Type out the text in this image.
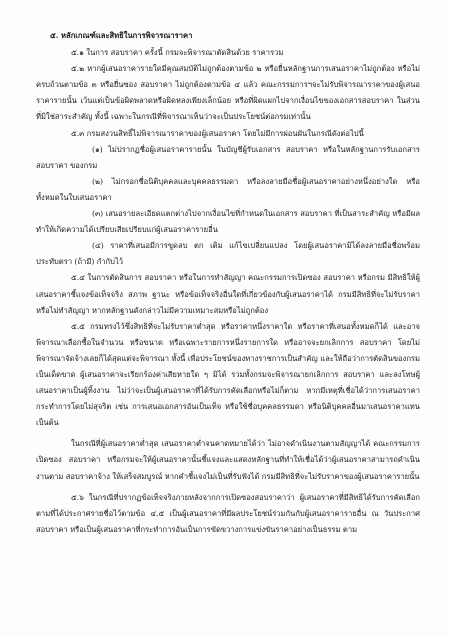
๕. หลักเกณฑ์และสิทธิในการพิจารณาราคา

๕.๑ ในการ สอบราคา ครั้งนี้ กรมจะพิจารณาตัดสินด้วย ราคารวม

๕.๒ หากผู้เสนอราคารายใดมีคุณสมบัติไม่ถูกต้องตามข้อ ๒ หรือยื่นหลักฐานการเสนอราคาไม่ถูกต้อง หรือไม่ครบถ้วนตามข้อ ๓ หรือยื่นซอง สอบราคา ไม่ถูกต้องตามข้อ ๔ แล้ว คณะกรรมการฯจะไม่รับพิจารณาราคาของผู้เสนอราคารายนั้น เว้นแต่เป็นข้อผิดพลาดหรือผิดหลงเพียงเล็กน้อย หรือที่ผิดแผกไปจากเงื่อนไขของเอกสารสอบราคา ในส่วนที่มิใช่สาระสำคัญ ทั้งนี้ เฉพาะในกรณีที่พิจารณาเห็นว่าจะเป็นประโยชน์ต่อกรมเท่านั้น

๕.๓ กรมสงวนสิทธิ์ไม่พิจารณาราคาของผู้เสนอราคา โดยไม่มีการผ่อนผันในกรณีดังต่อไปนี้

(๑) ไม่ปรากฏชื่อผู้เสนอราคารายนั้น ในบัญชีผู้รับเอกสาร สอบราคา หรือในหลักฐานการรับเอกสาร สอบราคา ของกรม

(๒) ไม่กรอกชื่อนิติบุคคลและบุคคลธรรมดา หรือลงลายมือชื่อผู้เสนอราคาอย่างหนึ่งอย่างใด หรือทั้งหมดในใบเสนอราคา

(๓) เสนอรายละเอียดแตกต่างไปจากเงื่อนไขที่กำหนดในเอกสาร สอบราคา ที่เป็นสาระสำคัญ หรือมีผลทำให้เกิดความได้เปรียบเสียเปรียบแก่ผู้เสนอราคารายอื่น

(๔) ราคาที่เสนอมีการขูดลบ ตก เติม แก้ไขเปลี่ยนแปลง โดยผู้เสนอราคามิได้ลงลายมือชื่อพร้อมประทับตรา (ถ้ามี) กำกับไว้

๕.๔ ในการตัดสินการ สอบราคา หรือในการทำสัญญา คณะกรรมการเปิดซอง สอบราคา หรือกรม มีสิทธิให้ผู้เสนอราคาชี้แจงข้อเท็จจริง สภาพ ฐานะ หรือข้อเท็จจริงอื่นใดที่เกี่ยวข้องกับผู้เสนอราคาได้ กรมมีสิทธิที่จะไม่รับราคา หรือไม่ทำสัญญา หากหลักฐานดังกล่าวไม่มีความเหมาะสมหรือไม่ถูกต้อง

๕.๕ กรมทรงไว้ซึ่งสิทธิที่จะไม่รับราคาต่ำสุด หรือราคาหนึ่งราคาใด หรือราคาที่เสนอทั้งหมดก็ได้ และอาจพิจารณาเลือกซื้อในจำนวน หรือขนาด หรือเฉพาะรายการหนึ่งรายการใด หรืออาจจะยกเลิกการ สอบราคา โดยไม่พิจารณาจัดจ้างเลยก็ได้สุดแต่จะพิจารณา ทั้งนี้ เพื่อประโยชน์ของทางราชการเป็นสำคัญ และให้ถือว่าการตัดสินของกรมเป็นเด็ดขาด ผู้เสนอราคาจะเรียกร้องค่าเสียหายใด ๆ มิได้ รวมทั้งกรมจะพิจารณายกเลิกการ สอบราคา และลงโทษผู้เสนอราคาเป็นผู้ทิ้งงาน ไม่ว่าจะเป็นผู้เสนอราคาที่ได้รับการคัดเลือกหรือไม่ก็ตาม หากมีเหตุที่เชื่อได้ว่าการเสนอราคากระทำการโดยไม่สุจริต เช่น การเสนอเอกสารอันเป็นเท็จ หรือใช้ชื่อบุคคลธรรมดา หรือนิติบุคคลอื่นมาเสนอราคาแทนเป็นต้น

ในกรณีที่ผู้เสนอราคาต่ำสุด เสนอราคาต่ำจนคาดหมายได้ว่า ไม่อาจดำเนินงานตามสัญญาได้ คณะกรรมการเปิดซอง สอบราคา หรือกรมจะให้ผู้เสนอราคานั้นชี้แจงและแสดงหลักฐานที่ทำให้เชื่อได้ว่าผู้เสนอราคาสามารถดำเนินงานตาม สอบราคาจ้าง ให้เสร็จสมบูรณ์ หากคำชี้แจงไม่เป็นที่รับฟังได้ กรมมีสิทธิที่จะไม่รับราคาของผู้เสนอราคารายนั้น

๕.๖ ในกรณีที่ปรากฏข้อเท็จจริงภายหลังจากการเปิดซองสอบราคาว่า ผู้เสนอราคาที่มีสิทธิได้รับการคัดเลือกตามที่ได้ประกาศรายชื่อไว้ตามข้อ ๔.๕ เป็นผู้เสนอราคาที่มีผลประโยชน์ร่วมกันกับผู้เสนอราคารายอื่น ณ วันประกาศ สอบราคา หรือเป็นผู้เสนอราคาที่กระทำการอันเป็นการขัดขวางการแข่งขันราคาอย่างเป็นธรรม ตาม
